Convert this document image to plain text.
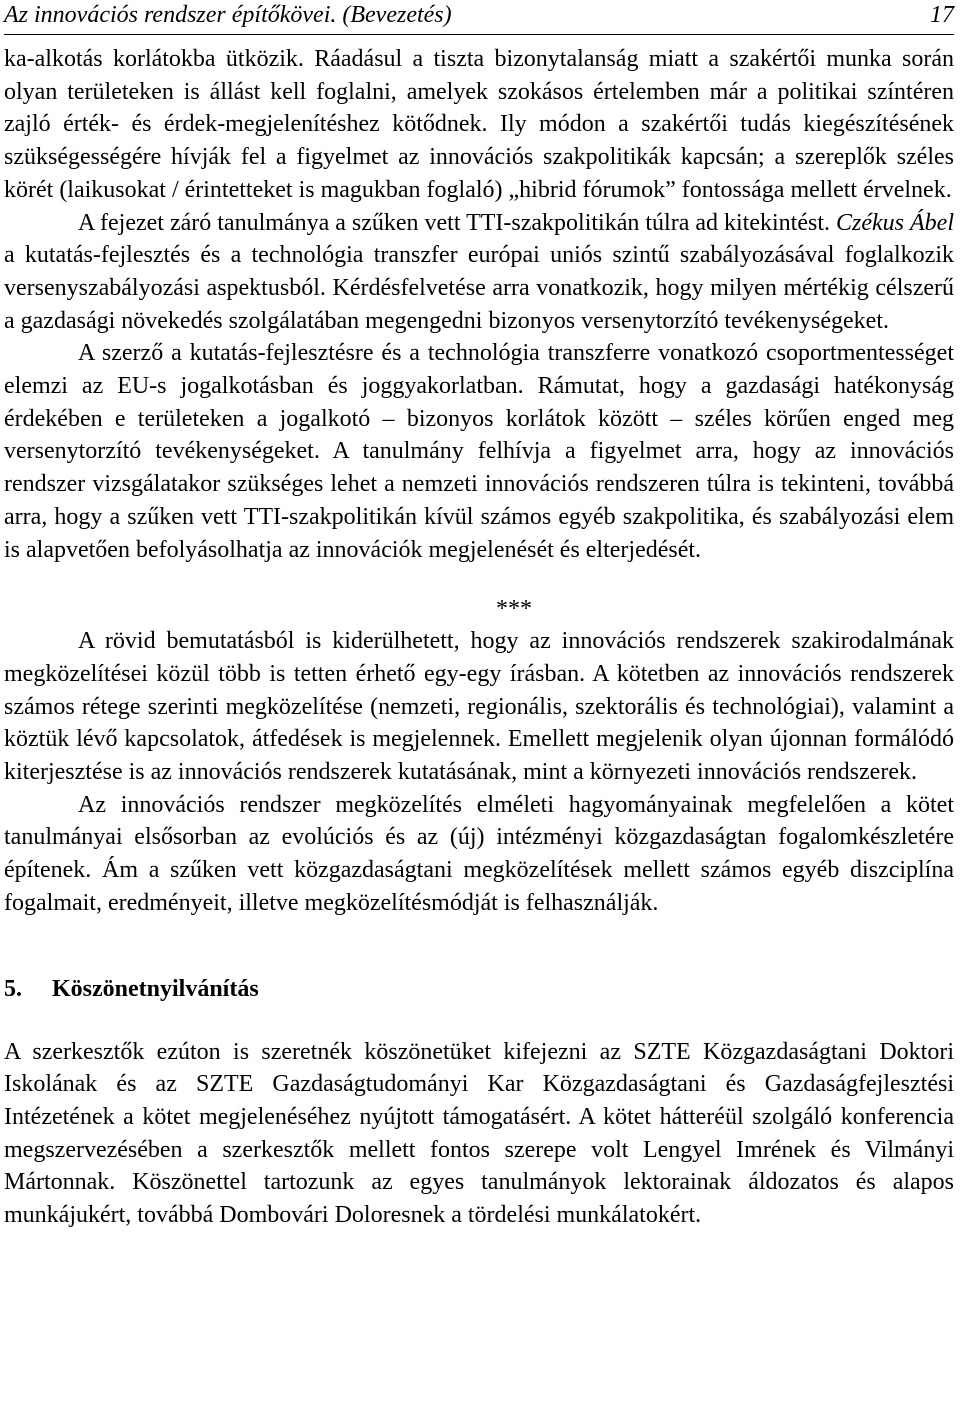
Az innovációs rendszer építőkövei. (Bevezetés)	17

ka-alkotás korlátokba ütközik. Ráadásul a tiszta bizonytalanság miatt a szakértői munka során olyan területeken is állást kell foglalni, amelyek szokásos értelemben már a politikai színtéren zajló érték- és érdek-megjelenítéshez kötődnek. Ily módon a szakértői tudás kiegészítésének szükségességére hívják fel a figyelmet az innovációs szakpolitikák kapcsán; a szereplők széles körét (laikusokat / érintetteket is magukban foglaló) „hibrid fórumok” fontossága mellett érvelnek.

A fejezet záró tanulmánya a szűken vett TTI-szakpolitikán túlra ad kitekintést. Czékus Ábel a kutatás-fejlesztés és a technológia transzfer európai uniós szintű szabályozásával foglalkozik versenyszabályozási aspektusból. Kérdésfelvetése arra vonatkozik, hogy milyen mértékig célszerű a gazdasági növekedés szolgálatában megengedni bizonyos versenytorzító tevékenységeket.

A szerző a kutatás-fejlesztésre és a technológia transzferre vonatkozó csoportmentességet elemzi az EU-s jogalkotásban és joggyakorlatban. Rámutat, hogy a gazdasági hatékonyság érdekében e területeken a jogalkotó – bizonyos korlátok között – széles körűen enged meg versenytorzító tevékenységeket. A tanulmány felhívja a figyelmet arra, hogy az innovációs rendszer vizsgálatakor szükséges lehet a nemzeti innovációs rendszeren túlra is tekinteni, továbbá arra, hogy a szűken vett TTI-szakpolitikán kívül számos egyéb szakpolitika, és szabályozási elem is alapvetően befolyásolhatja az innovációk megjelenését és elterjedését.

***

A rövid bemutatásból is kiderülhetett, hogy az innovációs rendszerek szakirodalmának megközelítései közül több is tetten érhető egy-egy írásban. A kötetben az innovációs rendszerek számos rétege szerinti megközelítése (nemzeti, regionális, szektorális és technológiai), valamint a köztük lévő kapcsolatok, átfedések is megjelennek. Emellett megjelenik olyan újonnan formálódó kiterjesztése is az innovációs rendszerek kutatásának, mint a környezeti innovációs rendszerek.

Az innovációs rendszer megközelítés elméleti hagyományainak megfelelően a kötet tanulmányai elsősorban az evolúciós és az (új) intézményi közgazdaságtan fogalomkészletére építenek. Ám a szűken vett közgazdaságtani megközelítések mellett számos egyéb diszciplína fogalmait, eredményeit, illetve megközelítésmódját is felhasználják.

5.	Köszönetnyilvánítás

A szerkesztők ezúton is szeretnék köszönetüket kifejezni az SZTE Közgazdaságtani Doktori Iskolának és az SZTE Gazdaságtudományi Kar Közgazdaságtani és Gazdaságfejlesztési Intézetének a kötet megjelenéséhez nyújtott támogatásért. A kötet hátteréül szolgáló konferencia megszervezésében a szerkesztők mellett fontos szerepe volt Lengyel Imrének és Vilmányi Mártonnak. Köszönettel tartozunk az egyes tanulmányok lektorainak áldozatos és alapos munkájukért, továbbá Dombovári Doloresnek a tördelési munkálatokért.
